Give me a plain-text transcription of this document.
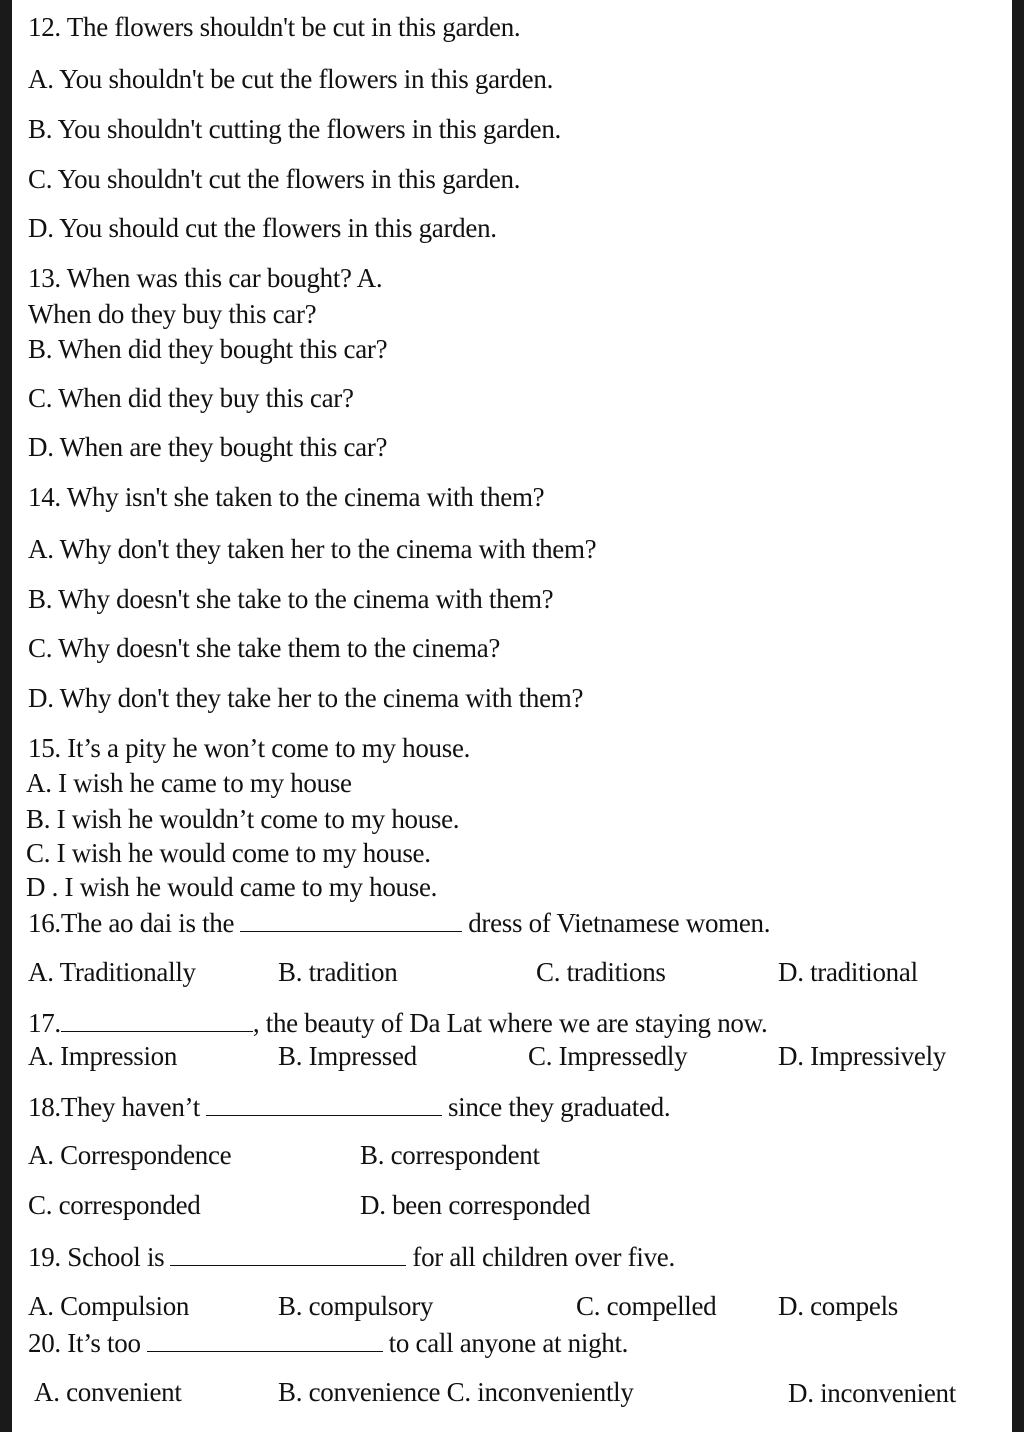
12. The flowers shouldn't be cut in this garden.
A. You shouldn't be cut the flowers in this garden.
B. You shouldn't cutting the flowers in this garden.
C. You shouldn't cut the flowers in this garden.
D. You should cut the flowers in this garden.
13. When was this car bought? A.
When do they buy this car?
B. When did they bought this car?
C. When did they buy this car?
D. When are they bought this car?
14. Why isn't she taken to the cinema with them?
A. Why don't they taken her to the cinema with them?
B. Why doesn't she take to the cinema with them?
C. Why doesn't she take them to the cinema?
D. Why don't they take her to the cinema with them?
15. It’s a pity he won’t come to my house.
A. I wish he came to my house
B. I wish he wouldn’t come to my house.
C. I wish he would come to my house.
D . I wish he would came to my house.
16.The ao dai is the	dress of Vietnamese women.
A. Traditionally	B. tradition	C. traditions	D. traditional
17.	, the beauty of Da Lat where we are staying now.
A. Impression	B. Impressed	C. Impressedly	D. Impressively
18.They haven’t	since they graduated.
A. Correspondence	B. correspondent
C. corresponded	D. been corresponded
19. School is	for all children over five.
A. Compulsion	B. compulsory	C. compelled D. compels
20. It’s too	to call anyone at night.
A. convenient	B. convenience C. inconveniently	D. inconvenient
